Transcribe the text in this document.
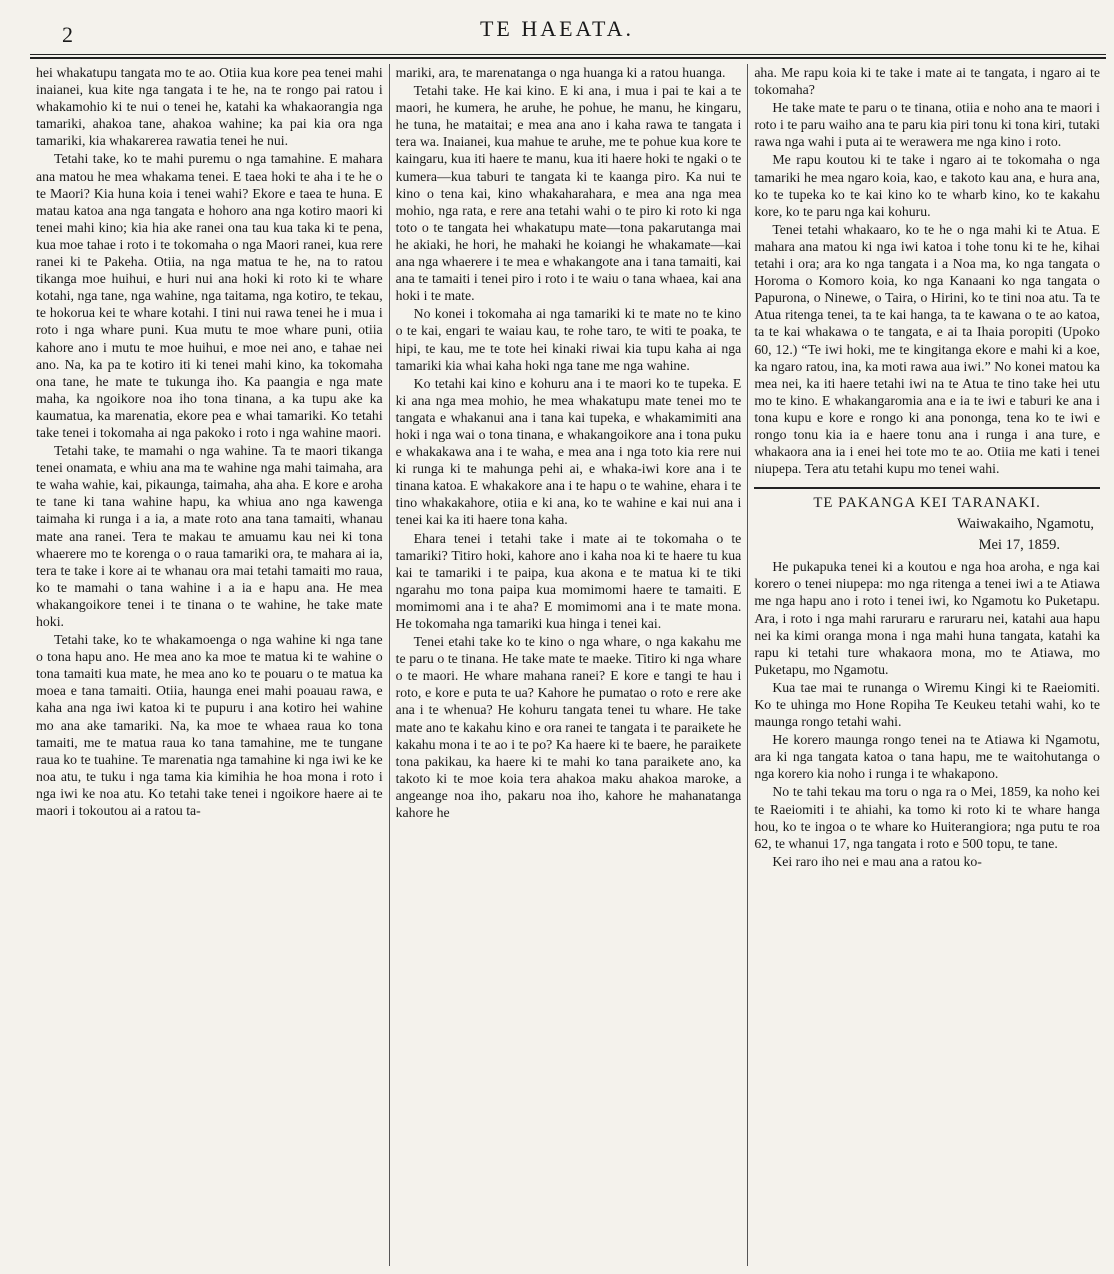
2	TE HAEATA.

hei whakatupu tangata mo te ao. Otiia kua kore pea tenei mahi inaianei, kua kite nga tangata i te he, na te rongo pai ratou i whakamohio ki te nui o tenei he, katahi ka whakaorangia nga tamariki, ahakoa tane, ahakoa wahine; ka pai kia ora nga tamariki, kia whakarerea rawatia tenei he nui.

Tetahi take, ko te mahi puremu o nga tamahine. E mahara ana matou he mea whakama tenei. E taea hoki te aha i te he o te Maori? Kia huna koia i tenei wahi? Ekore e taea te huna. E matau katoa ana nga tangata e hohoro ana nga kotiro maori ki tenei mahi kino; kia hia ake ranei ona tau kua taka ki te pena, kua moe tahae i roto i te tokomaha o nga Maori ranei, kua rere ranei ki te Pakeha. Otiia, na nga matua te he, na to ratou tikanga moe huihui, e huri nui ana hoki ki roto ki te whare kotahi, nga tane, nga wahine, nga taitama, nga kotiro, te tekau, te hokorua kei te whare kotahi. I tini nui rawa tenei he i mua i roto i nga whare puni. Kua mutu te moe whare puni, otiia kahore ano i mutu te moe huihui, e moe nei ano, e tahae nei ano. Na, ka pa te kotiro iti ki tenei mahi kino, ka tokomaha ona tane, he mate te tukunga iho. Ka paangia e nga mate maha, ka ngoikore noa iho tona tinana, a ka tupu ake ka kaumatua, ka marenatia, ekore pea e whai tamariki. Ko tetahi take tenei i tokomaha ai nga pakoko i roto i nga wahine maori.

Tetahi take, te mamahi o nga wahine. Ta te maori tikanga tenei onamata, e whiu ana ma te wahine nga mahi taimaha, ara te waha wahie, kai, pikaunga, taimaha, aha aha. E kore e aroha te tane ki tana wahine hapu, ka whiua ano nga kawenga taimaha ki runga i a ia, a mate roto ana tana tamaiti, whanau mate ana ranei. Tera te makau te amuamu kau nei ki tona whaerere mo te korenga o o raua tamariki ora, te mahara ai ia, tera te take i kore ai te whanau ora mai tetahi tamaiti mo raua, ko te mamahi o tana wahine i a ia e hapu ana. He mea whakangoikore tenei i te tinana o te wahine, he take mate hoki.

Tetahi take, ko te whakamoenga o nga wahine ki nga tane o tona hapu ano. He mea ano ka moe te matua ki te wahine o tona tamaiti kua mate, he mea ano ko te pouaru o te matua ka moea e tana tamaiti. Otiia, haunga enei mahi poauau rawa, e kaha ana nga iwi katoa ki te pupuru i ana kotiro hei wahine mo ana ake tamariki. Na, ka moe te whaea raua ko tona tamaiti, me te matua raua ko tana tamahine, me te tungane raua ko te tuahine. Te marenatia nga tamahine ki nga iwi ke ke noa atu, te tuku i nga tama kia kimihia he hoa mona i roto i nga iwi ke noa atu. Ko tetahi take tenei i ngoikore haere ai te maori i tokoutou ai a ratou ta-

mariki, ara, te marenatanga o nga huanga ki a ratou huanga.

Tetahi take. He kai kino. E ki ana, i mua i pai te kai a te maori, he kumera, he aruhe, he pohue, he manu, he kingaru, he tuna, he mataitai; e mea ana ano i kaha rawa te tangata i tera wa. Inaianei, kua mahue te aruhe, me te pohue kua kore te kaingaru, kua iti haere te manu, kua iti haere hoki te ngaki o te kumera—kua taburi te tangata ki te kaanga piro. Ka nui te kino o tena kai, kino whakaharahara, e mea ana nga mea mohio, nga rata, e rere ana tetahi wahi o te piro ki roto ki nga toto o te tangata hei whakatupu mate—tona pakarutanga mai he akiaki, he hori, he mahaki he koiangi he whakamate—kai ana nga whaerere i te mea e whakangote ana i tana tamaiti, kai ana te tamaiti i tenei piro i roto i te waiu o tana whaea, kai ana hoki i te mate.

No konei i tokomaha ai nga tamariki ki te mate no te kino o te kai, engari te waiau kau, te rohe taro, te witi te poaka, te hipi, te kau, me te tote hei kinaki riwai kia tupu kaha ai nga tamariki kia whai kaha hoki nga tane me nga wahine.

Ko tetahi kai kino e kohuru ana i te maori ko te tupeka. E ki ana nga mea mohio, he mea whakatupu mate tenei mo te tangata e whakanui ana i tana kai tupeka, e whakamimiti ana hoki i nga wai o tona tinana, e whakangoikore ana i tona puku e whakakawa ana i te waha, e mea ana i nga toto kia rere nui ki runga ki te mahunga pehi ai, e whaka-iwi kore ana i te tinana katoa. E whakakore ana i te hapu o te wahine, ehara i te tino whakakahore, otiia e ki ana, ko te wahine e kai nui ana i tenei kai ka iti haere tona kaha.

Ehara tenei i tetahi take i mate ai te tokomaha o te tamariki? Titiro hoki, kahore ano i kaha noa ki te haere tu kua kai te tamariki i te paipa, kua akona e te matua ki te tiki ngarahu mo tona paipa kua momimomi haere te tamaiti. E momimomi ana i te aha? E momimomi ana i te mate mona. He tokomaha nga tamariki kua hinga i tenei kai.

Tenei etahi take ko te kino o nga whare, o nga kakahu me te paru o te tinana. He take mate te maeke. Titiro ki nga whare o te maori. He whare mahana ranei? E kore e tangi te hau i roto, e kore e puta te ua? Kahore he pumatao o roto e rere ake ana i te whenua? He kohuru tangata tenei tu whare. He take mate ano te kakahu kino e ora ranei te tangata i te paraikete he kakahu mona i te ao i te po? Ka haere ki te baere, he paraikete tona pakikau, ka haere ki te mahi ko tana paraikete ano, ka takoto ki te moe koia tera ahakoa maku ahakoa maroke, a angeange noa iho, pakaru noa iho, kahore he mahanatanga kahore he

aha. Me rapu koia ki te take i mate ai te tangata, i ngaro ai te tokomaha?

He take mate te paru o te tinana, otiia e noho ana te maori i roto i te paru waiho ana te paru kia piri tonu ki tona kiri, tutaki rawa nga wahi i puta ai te werawera me nga kino i roto.

Me rapu koutou ki te take i ngaro ai te tokomaha o nga tamariki he mea ngaro koia, kao, e takoto kau ana, e hura ana, ko te tupeka ko te kai kino ko te wharb kino, ko te kakahu kore, ko te paru nga kai kohuru.

Tenei tetahi whakaaro, ko te he o nga mahi ki te Atua. E mahara ana matou ki nga iwi katoa i tohe tonu ki te he, kihai tetahi i ora; ara ko nga tangata i a Noa ma, ko nga tangata o Horoma o Komoro koia, ko nga Kanaani ko nga tangata o Papurona, o Ninewe, o Taira, o Hirini, ko te tini noa atu. Ta te Atua ritenga tenei, ta te kai hanga, ta te kawana o te ao katoa, ta te kai whakawa o te tangata, e ai ta Ihaia poropiti (Upoko 60, 12.) “Te iwi hoki, me te kingitanga ekore e mahi ki a koe, ka ngaro ratou, ina, ka moti rawa aua iwi.” No konei matou ka mea nei, ka iti haere tetahi iwi na te Atua te tino take hei utu mo te kino. E whakangaromia ana e ia te iwi e taburi ke ana i tona kupu e kore e rongo ki ana ponongа, tena ko te iwi e rongo tonu kia ia e haere tonu ana i runga i ana ture, e whakaora ana ia i enei hei tote mo te ao. Otiia me kati i tenei niupepa. Tera atu tetahi kupu mo tenei wahi.

TE PAKANGA KEI TARANAKI.
Waiwakaiho, Ngamotu,
Mei 17, 1859.

He pukapuka tenei ki a koutou e nga hoa aroha, e nga kai korero o tenei niupepa: mo nga ritenga a tenei iwi a te Atiawa me nga hapu ano i roto i tenei iwi, ko Ngamotu ko Puketapu. Ara, i roto i nga mahi raruraru e raruraru nei, katahi aua hapu nei ka kimi oranga mona i nga mahi huna tangata, katahi ka rapu ki tetahi ture whakaora mona, mo te Atiawa, mo Puketapu, mo Ngamotu.

Kua tae mai te runanga o Wiremu Kingi ki te Raeiomiti. Ko te uhinga mo Hone Ropiha Te Keukeu tetahi wahi, ko te maunga rongo tetahi wahi.

He korero maunga rongo tenei na te Atiawa ki Ngamotu, ara ki nga tangata katoa o tana hapu, me te waitohutanga o nga korero kia noho i runga i te whakapono.

No te tahi tekau ma toru o nga ra o Mei, 1859, ka noho kei te Raeiomiti i te ahiahi, ka tomo ki roto ki te whare hanga hou, ko te ingoa o te whare ko Huiterangiora; nga putu te roa 62, te whanui 17, nga tangata i roto e 500 topu, te tane.

Kei raro iho nei e mau ana a ratou ko-
